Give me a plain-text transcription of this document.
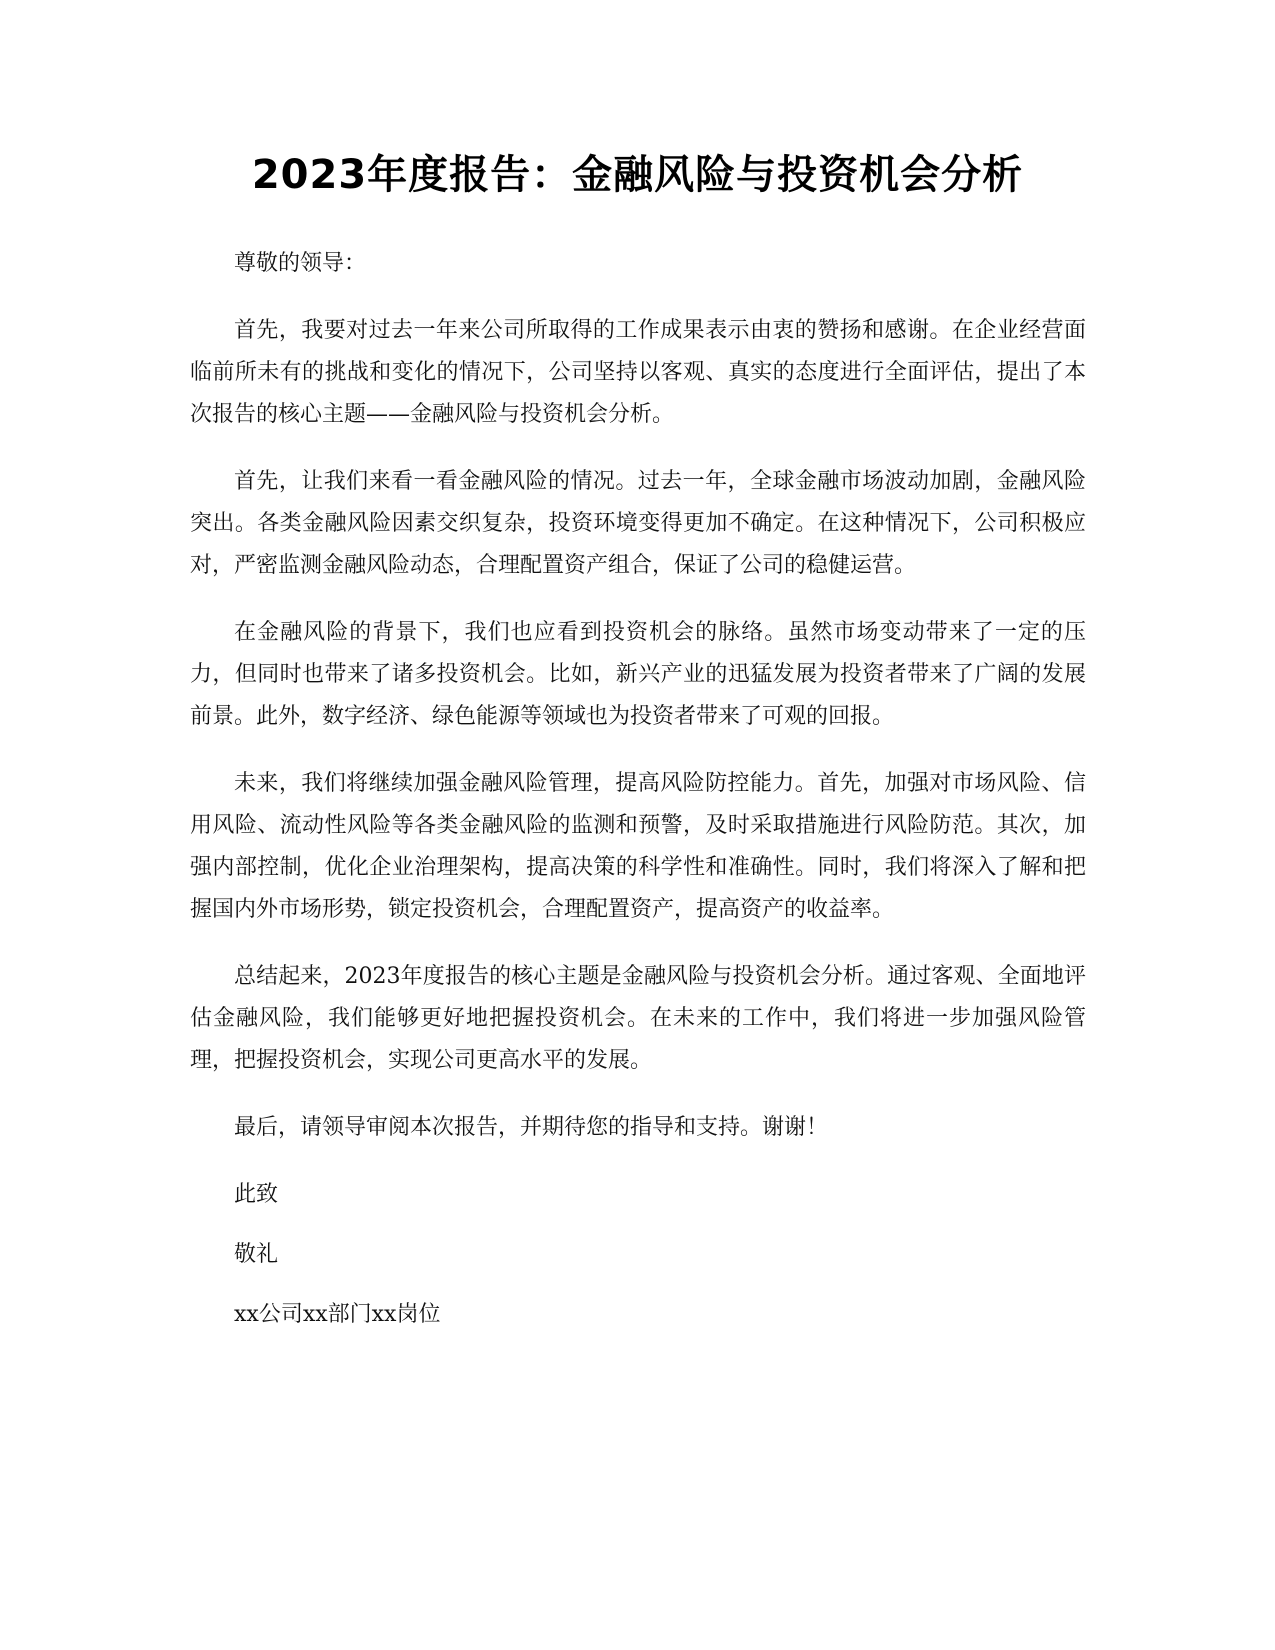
2023年度报告：金融风险与投资机会分析

尊敬的领导：

首先，我要对过去一年来公司所取得的工作成果表示由衷的赞扬和感谢。在企业经营面临前所未有的挑战和变化的情况下，公司坚持以客观、真实的态度进行全面评估，提出了本次报告的核心主题——金融风险与投资机会分析。

首先，让我们来看一看金融风险的情况。过去一年，全球金融市场波动加剧，金融风险突出。各类金融风险因素交织复杂，投资环境变得更加不确定。在这种情况下，公司积极应对，严密监测金融风险动态，合理配置资产组合，保证了公司的稳健运营。

在金融风险的背景下，我们也应看到投资机会的脉络。虽然市场变动带来了一定的压力，但同时也带来了诸多投资机会。比如，新兴产业的迅猛发展为投资者带来了广阔的发展前景。此外，数字经济、绿色能源等领域也为投资者带来了可观的回报。

未来，我们将继续加强金融风险管理，提高风险防控能力。首先，加强对市场风险、信用风险、流动性风险等各类金融风险的监测和预警，及时采取措施进行风险防范。其次，加强内部控制，优化企业治理架构，提高决策的科学性和准确性。同时，我们将深入了解和把握国内外市场形势，锁定投资机会，合理配置资产，提高资产的收益率。

总结起来，2023年度报告的核心主题是金融风险与投资机会分析。通过客观、全面地评估金融风险，我们能够更好地把握投资机会。在未来的工作中，我们将进一步加强风险管理，把握投资机会，实现公司更高水平的发展。

最后，请领导审阅本次报告，并期待您的指导和支持。谢谢！

此致

敬礼

xx公司xx部门xx岗位
